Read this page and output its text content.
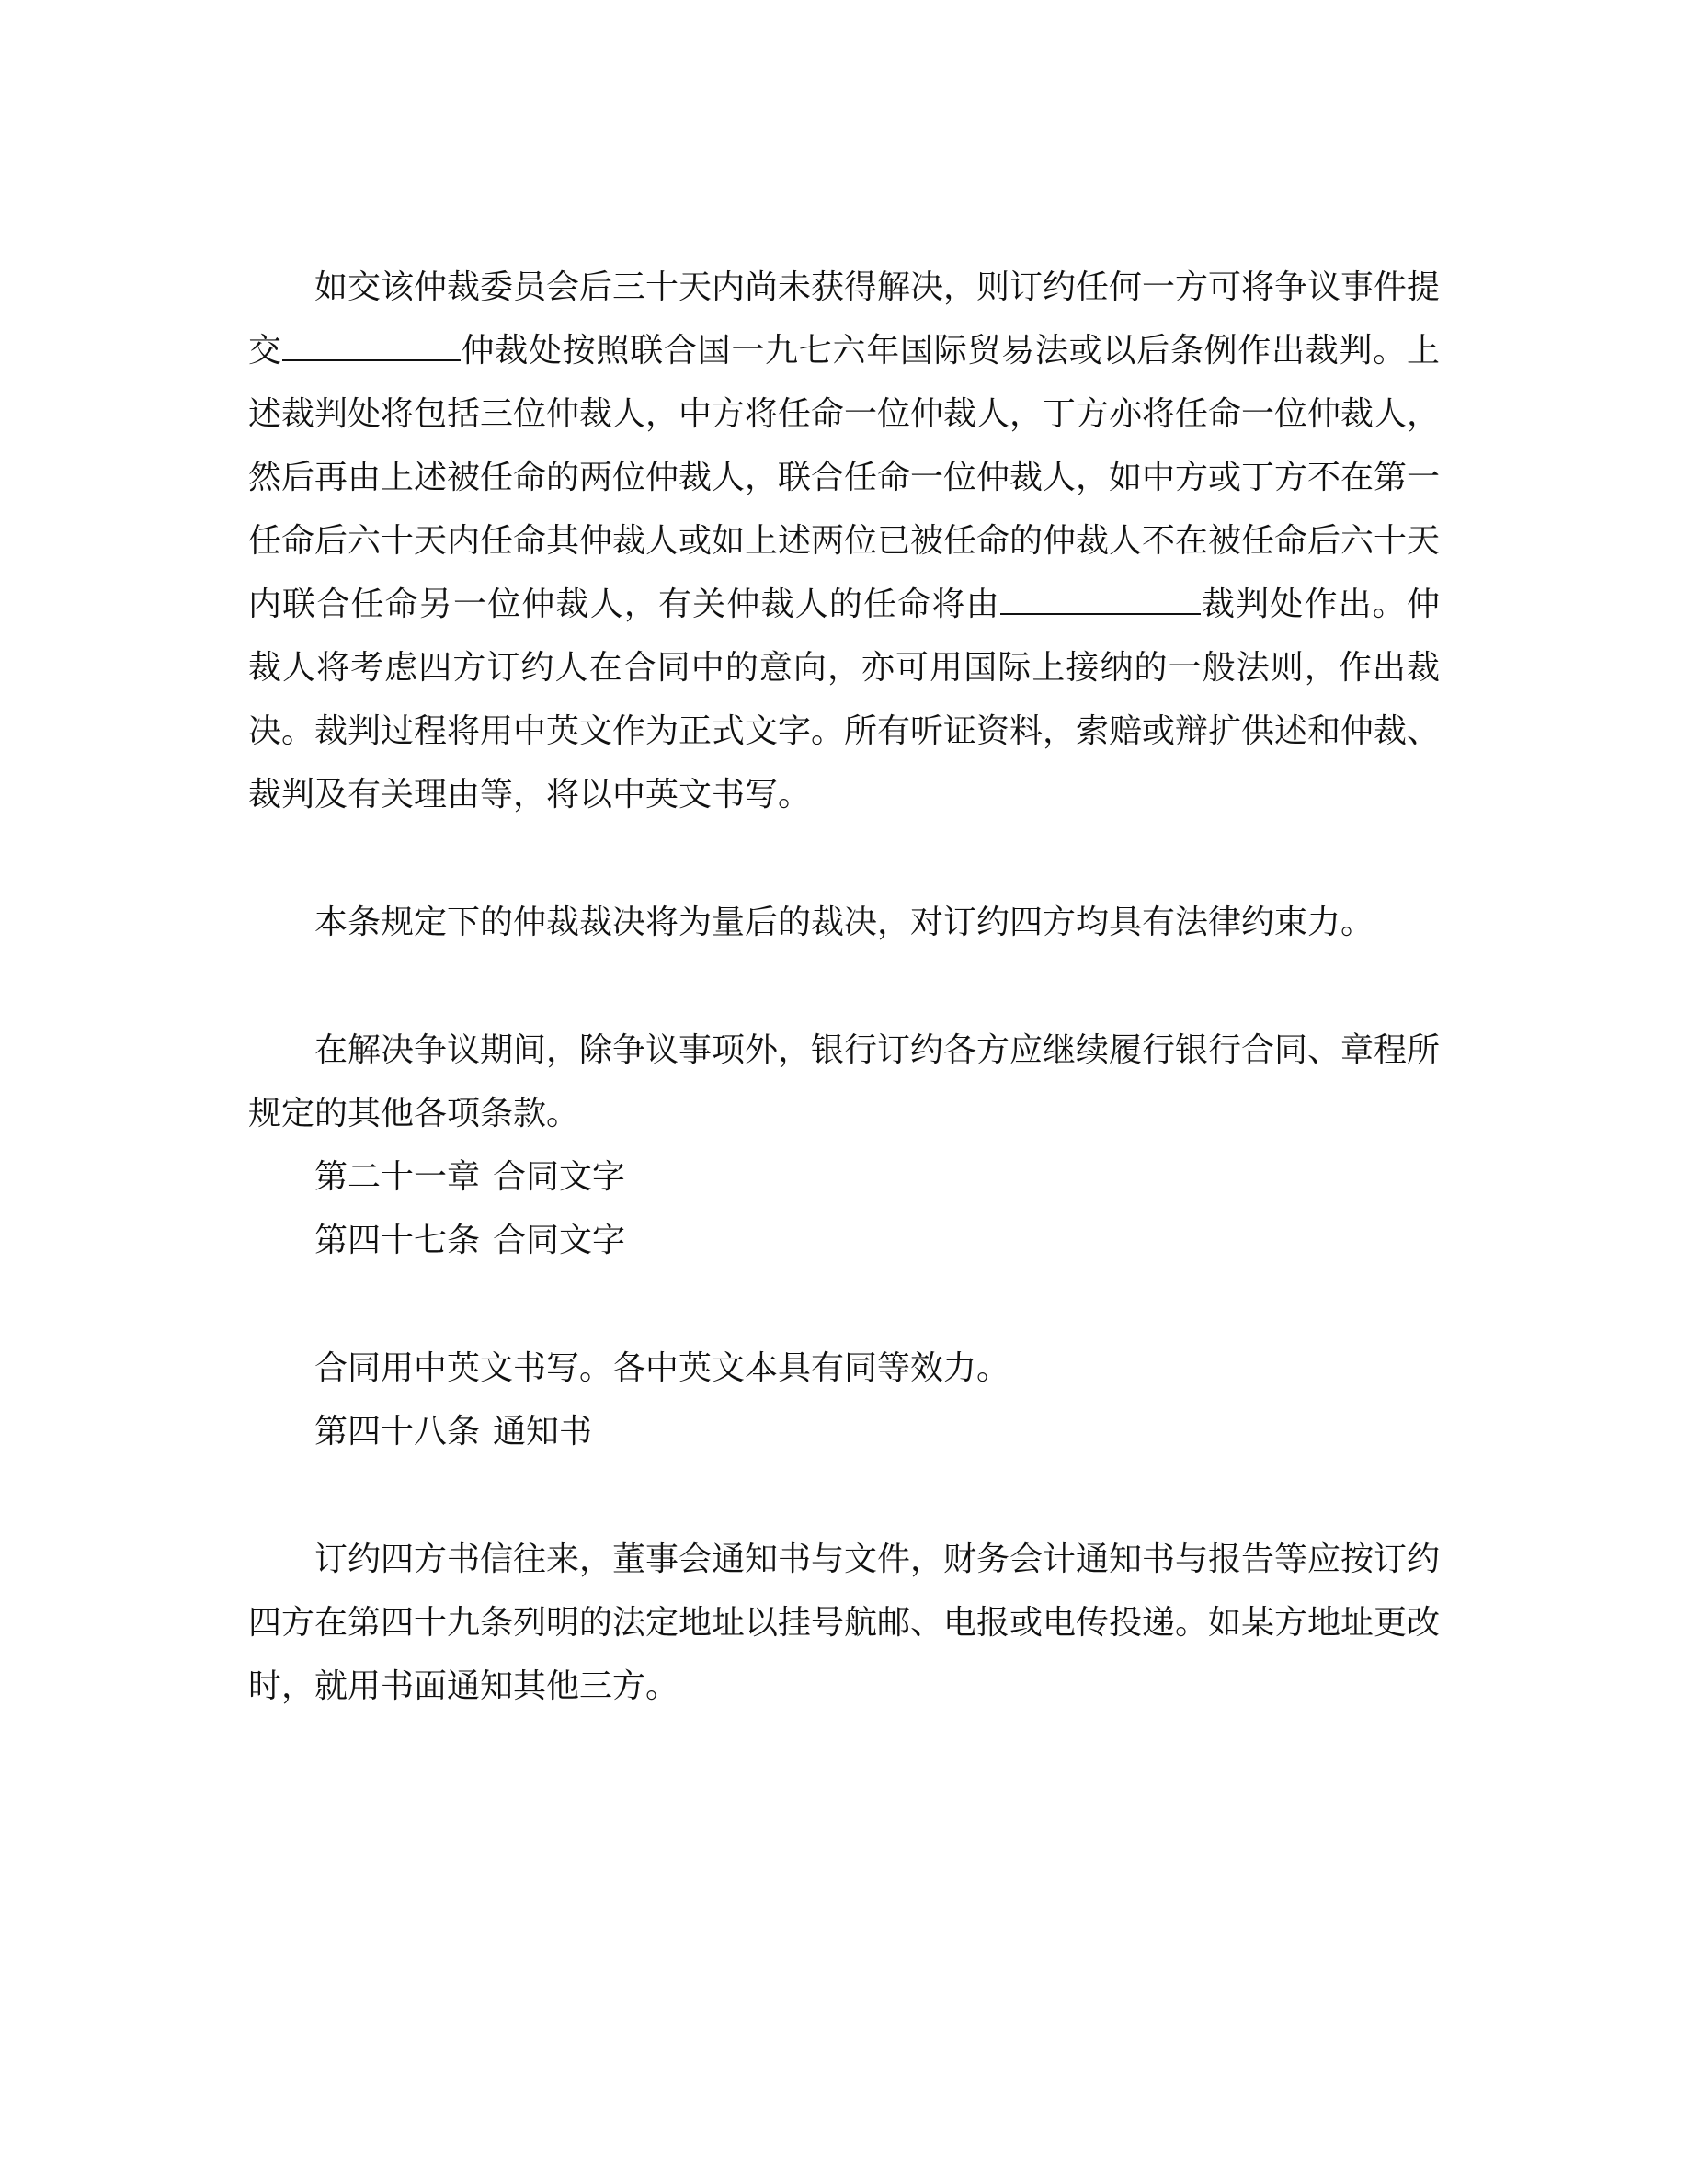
如交该仲裁委员会后三十天内尚未获得解决，则订约任何一方可将争议事件提交	仲裁处按照联合国一九七六年国际贸易法或以后条例作出裁判。上述裁判处将包括三位仲裁人，中方将任命一位仲裁人，丁方亦将任命一位仲裁人，然后再由上述被任命的两位仲裁人，联合任命一位仲裁人，如中方或丁方不在第一任命后六十天内任命其仲裁人或如上述两位已被任命的仲裁人不在被任命后六十天内联合任命另一位仲裁人，有关仲裁人的任命将由	裁判处作出。仲裁人将考虑四方订约人在合同中的意向，亦可用国际上接纳的一般法则，作出裁决。裁判过程将用中英文作为正式文字。所有听证资料，索赔或辩扩供述和仲裁、裁判及有关理由等，将以中英文书写。

本条规定下的仲裁裁决将为量后的裁决，对订约四方均具有法律约束力。

在解决争议期间，除争议事项外，银行订约各方应继续履行银行合同、章程所规定的其他各项条款。

第二十一章 合同文字

第四十七条 合同文字

合同用中英文书写。各中英文本具有同等效力。

第四十八条 通知书

订约四方书信往来，董事会通知书与文件，财务会计通知书与报告等应按订约四方在第四十九条列明的法定地址以挂号航邮、电报或电传投递。如某方地址更改时，就用书面通知其他三方。
